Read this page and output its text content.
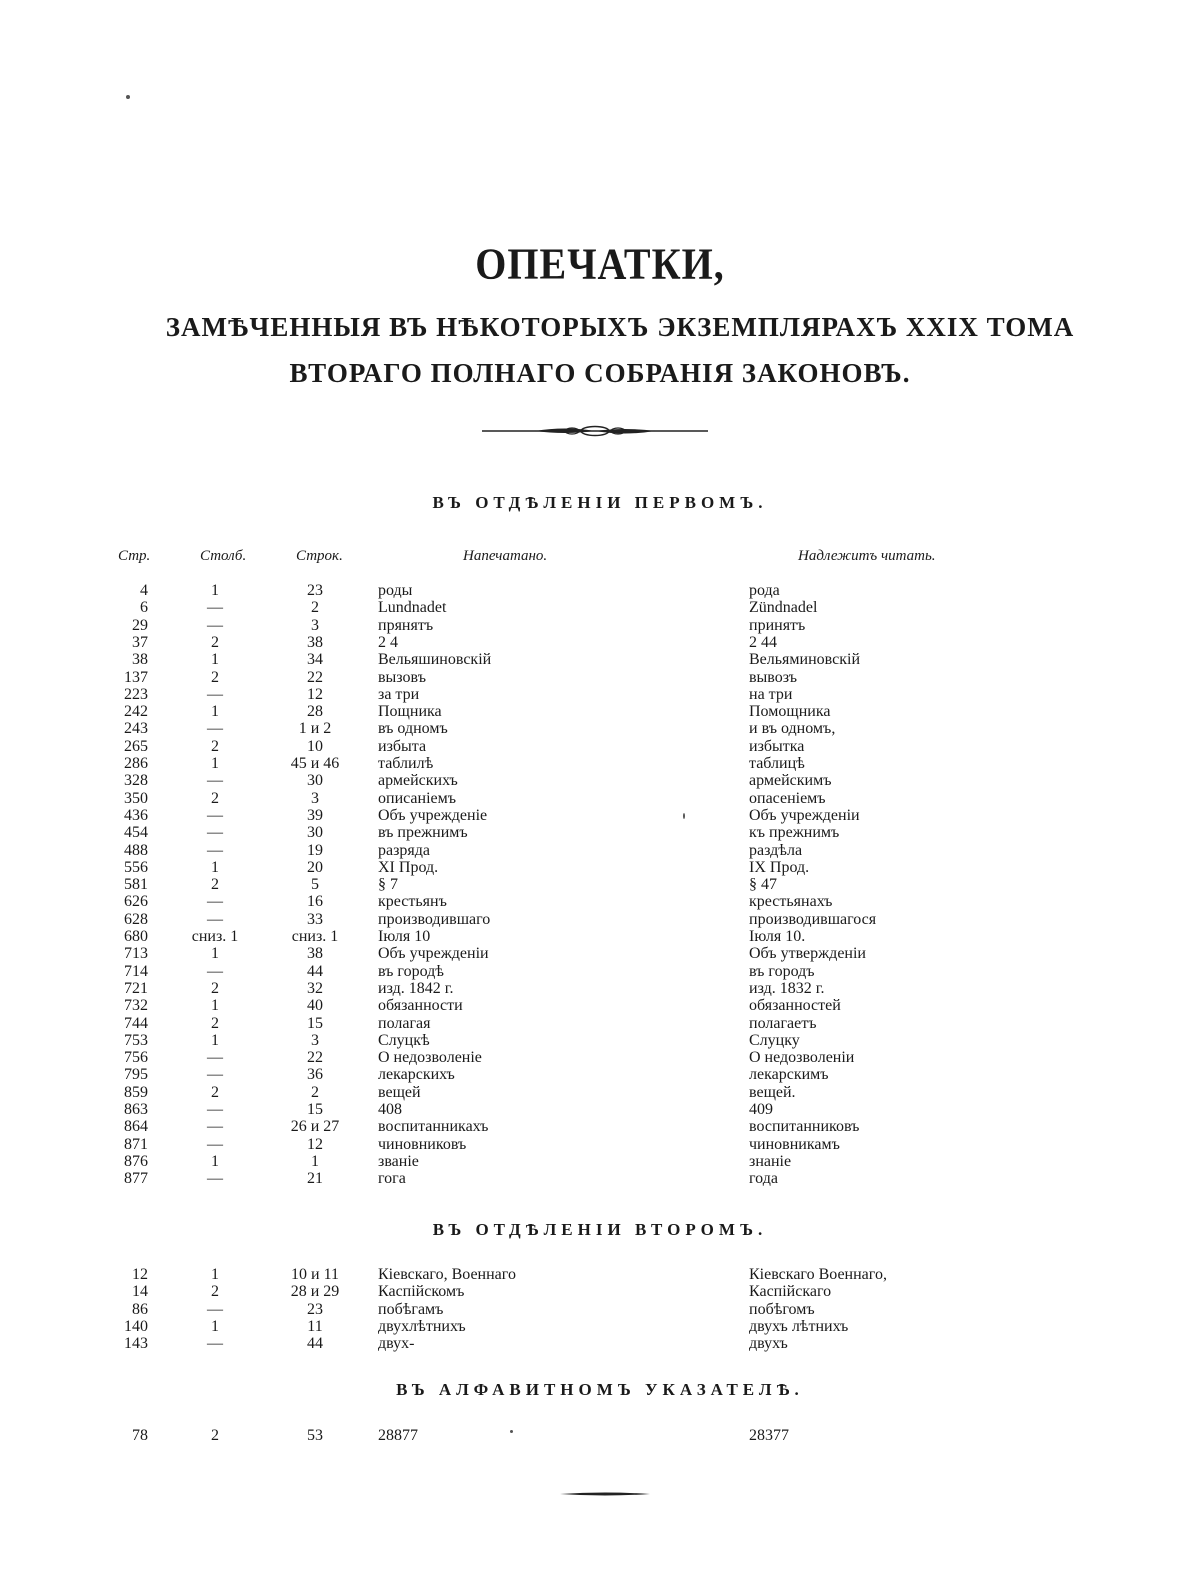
ОПЕЧАТКИ,
ЗАМѢЧЕННЫЯ ВЪ НѢКОТОРЫХЪ ЭКЗЕМПЛЯРАХЪ XXIX ТОМА
ВТОРАГО ПОЛНАГО СОБРАНІЯ ЗАКОНОВЪ.
ВЪ ОТДѢЛЕНІИ ПЕРВОМЪ.
Стр.	Столб.	Строк.	Напечатано.	Надлежитъ читать.
4	1	23	роды	рода
6	—	2	Lundnadet	Zündnadel
29	—	3	прянятъ	принятъ
37	2	38	2 4	2 44
38	1	34	Вельяшиновскій	Вельяминовскій
137	2	22	вызовъ	вывозъ
223	—	12	за три	на три
242	1	28	Пощника	Помощника
243	—	1 и 2	въ одномъ	и въ одномъ,
265	2	10	избыта	избытка
286	1	45 и 46	таблилѣ	таблицѣ
328	—	30	армейскихъ	армейскимъ
350	2	3	описаніемъ	опасеніемъ
436	—	39	Объ учрежденіе	Объ учрежденіи
454	—	30	въ прежнимъ	къ прежнимъ
488	—	19	разряда	раздѣла
556	1	20	XI Прод.	IX Прод.
581	2	5	§ 7	§ 47
626	—	16	крестьянъ	крестьянахъ
628	—	33	производившаго	производившагося
680	сниз. 1	сниз. 1	Іюля 10	Іюля 10.
713	1	38	Объ учрежденіи	Объ утвержденіи
714	—	44	въ городѣ	въ городъ
721	2	32	изд. 1842 г.	изд. 1832 г.
732	1	40	обязанности	обязанностей
744	2	15	полагая	полагаетъ
753	1	3	Слуцкѣ	Слуцку
756	—	22	О недозволеніе	О недозволеніи
795	—	36	лекарскихъ	лекарскимъ
859	2	2	вещей	вещей.
863	—	15	408	409
864	—	26 и 27	воспитанникахъ	воспитанниковъ
871	—	12	чиновниковъ	чиновникамъ
876	1	1	званіе	знаніе
877	—	21	гога	года
ВЪ ОТДѢЛЕНІИ ВТОРОМЪ.
12	1	10 и 11	Кіевскаго, Военнаго	Кіевскаго Военнаго,
14	2	28 и 29	Каспійскомъ	Каспійскаго
86	—	23	побѣгамъ	побѣгомъ
140	1	11	двухлѣтнихъ	двухъ лѣтнихъ
143	—	44	двух-	двухъ
ВЪ АЛФАВИТНОМЪ УКАЗАТЕЛѢ.
78	2	53	28877	28377
